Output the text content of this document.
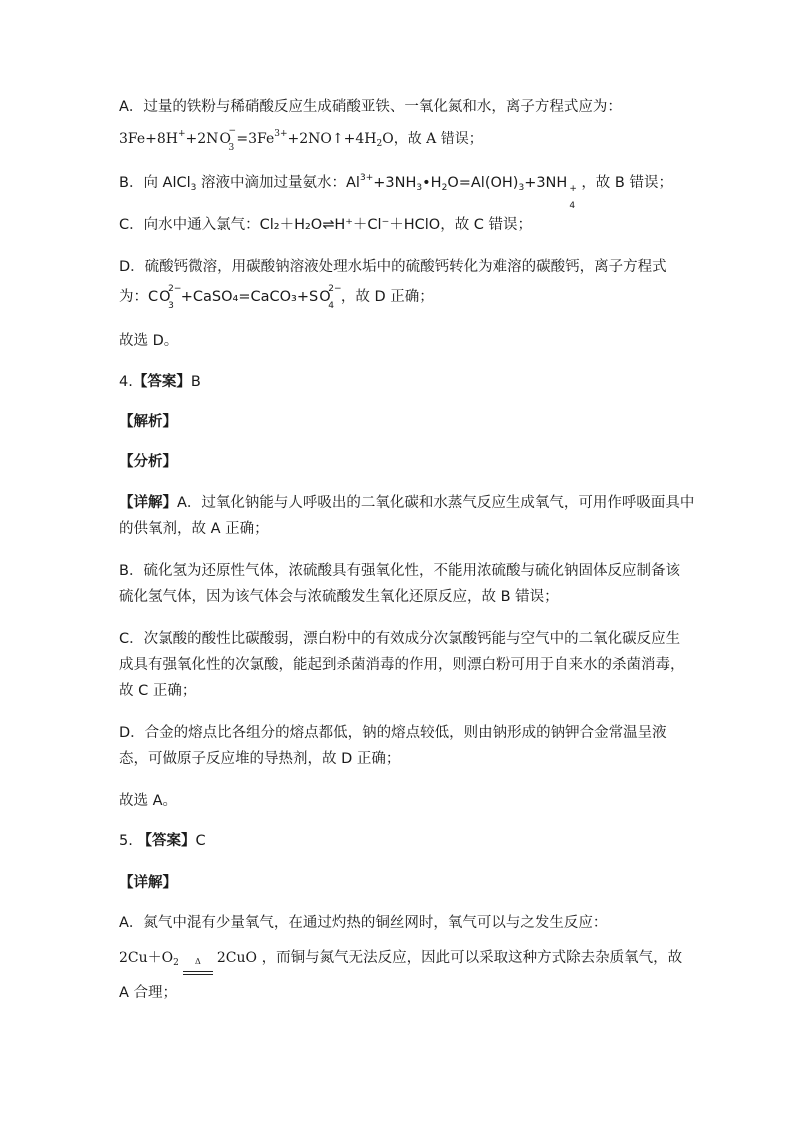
A．过量的铁粉与稀硝酸反应生成硝酸亚铁、一氧化氮和水，离子方程式应为：
3Fe+8H++2NO
−
3
$=3Fe^{3+}+2NO↑+4H_2O$，故 A 错误；
B．向 AlCl$_3$ 溶液中滴加过量氨水：$Al^{3+}+3NH_3•H_2O=Al(OH)_3+3NH$ +
4
，故 B 错误；
C．向水中通入氯气：Cl₂＋H₂O⇌H⁺＋Cl⁻＋HClO，故 C 错误；
D．硫酸钙微溶，用碳酸钠溶液处理水垢中的硫酸钙转化为难溶的碳酸钙，离子方程式
为：CO
2−
3
+CaSO₄=CaCO₃+SO
2−
4
，故 D 正确；
故选 D。
4.【答案】B
【解析】
【分析】
【详解】A．过氧化钠能与人呼吸出的二氧化碳和水蒸气反应生成氧气，可用作呼吸面具中
的供氧剂，故 A 正确；
B．硫化氢为还原性气体，浓硫酸具有强氧化性，不能用浓硫酸与硫化钠固体反应制备该
硫化氢气体，因为该气体会与浓硫酸发生氧化还原反应，故 B 错误；
C．次氯酸的酸性比碳酸弱，漂白粉中的有效成分次氯酸钙能与空气中的二氧化碳反应生
成具有强氧化性的次氯酸，能起到杀菌消毒的作用，则漂白粉可用于自来水的杀菌消毒，
故 C 正确；
D．合金的熔点比各组分的熔点都低，钠的熔点较低，则由钠形成的钠钾合金常温呈液
态，可做原子反应堆的导热剂，故 D 正确；
故选 A。
5. 【答案】C
【详解】
A．氮气中混有少量氧气，在通过灼热的铜丝网时，氧气可以与之发生反应：
$2Cu+O_2$	Δ	2CuO ，而铜与氮气无法反应，因此可以采取这种方式除去杂质氧气，故
A 合理；
